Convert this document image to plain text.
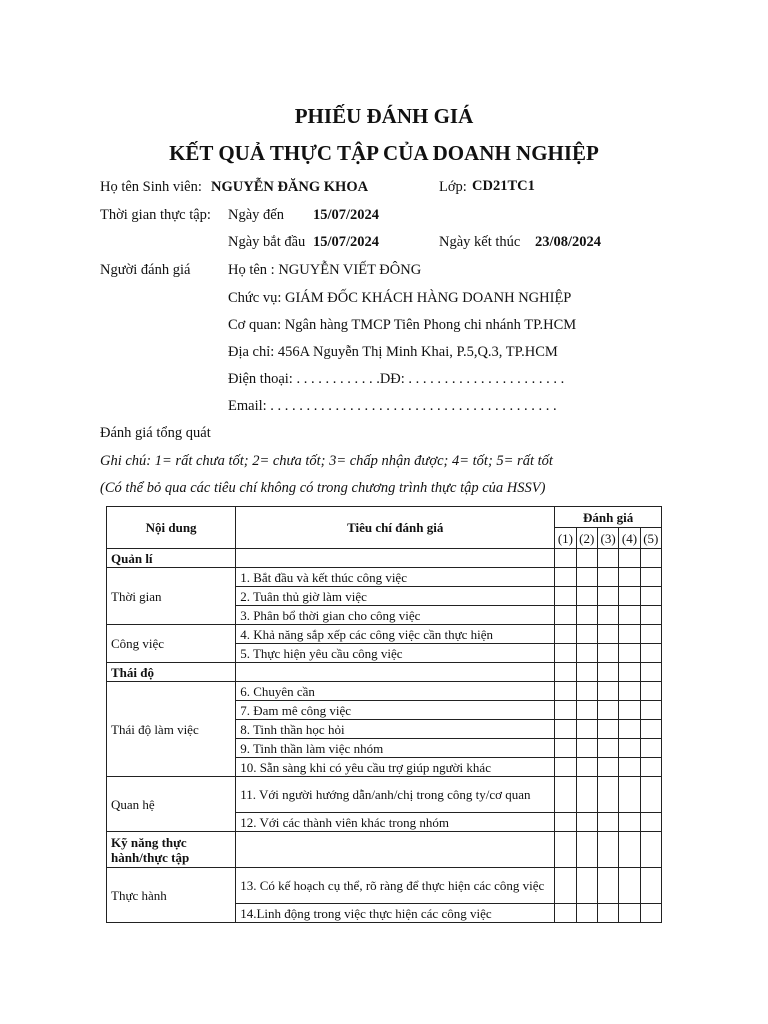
PHIẾU ĐÁNH GIÁ
KẾT QUẢ THỰC TẬP CỦA DOANH NGHIỆP
Họ tên Sinh viên: NGUYỄN ĐĂNG KHOA	Lớp: CD21TC1
Thời gian thực tập: Ngày đến 15/07/2024
Ngày bắt đầu 15/07/2024	Ngày kết thúc 23/08/2024
Người đánh giá	Họ tên : NGUYỄN VIẾT ĐÔNG
Chức vụ: GIÁM ĐỐC KHÁCH HÀNG DOANH NGHIỆP
Cơ quan: Ngân hàng TMCP Tiên Phong chi nhánh TP.HCM
Địa chỉ: 456A Nguyễn Thị Minh Khai, P.5,Q.3, TP.HCM
Điện thoại: . . . . . . . . . . . .DĐ: . . . . . . . . . . . . . . . . . . . . . .
Email: . . . . . . . . . . . . . . . . . . . . . . . . . . . . . . . . . . . . . . . .
Đánh giá tổng quát
Ghi chú: 1= rất chưa tốt; 2= chưa tốt; 3= chấp nhận được; 4= tốt; 5= rất tốt
(Có thể bỏ qua các tiêu chí không có trong chương trình thực tập của HSSV)
Nội dung	Tiêu chí đánh giá	Đánh giá				
		(1)	(2)	(3)	(4)	(5)
Quản lí						
Thời gian	1. Bắt đầu và kết thúc công việc					
	2. Tuân thủ giờ làm việc					
	3. Phân bổ thời gian cho công việc					
Công việc	4. Khả năng sắp xếp các công việc cần thực hiện					
	5. Thực hiện yêu cầu công việc					
Thái độ						
Thái độ làm việc	6. Chuyên cần					
	7. Đam mê công việc					
	8. Tinh thần học hỏi					
	9. Tinh thần làm việc nhóm					
	10. Sẵn sàng khi có yêu cầu trợ giúp người khác					
Quan hệ	11. Với người hướng dẫn/anh/chị trong công ty/cơ quan					
	12. Với các thành viên khác trong nhóm					
Kỹ năng thực hành/thực tập						
Thực hành	13. Có kế hoạch cụ thể, rõ ràng để thực hiện các công việc					
	14.Linh động trong việc thực hiện các công việc					
